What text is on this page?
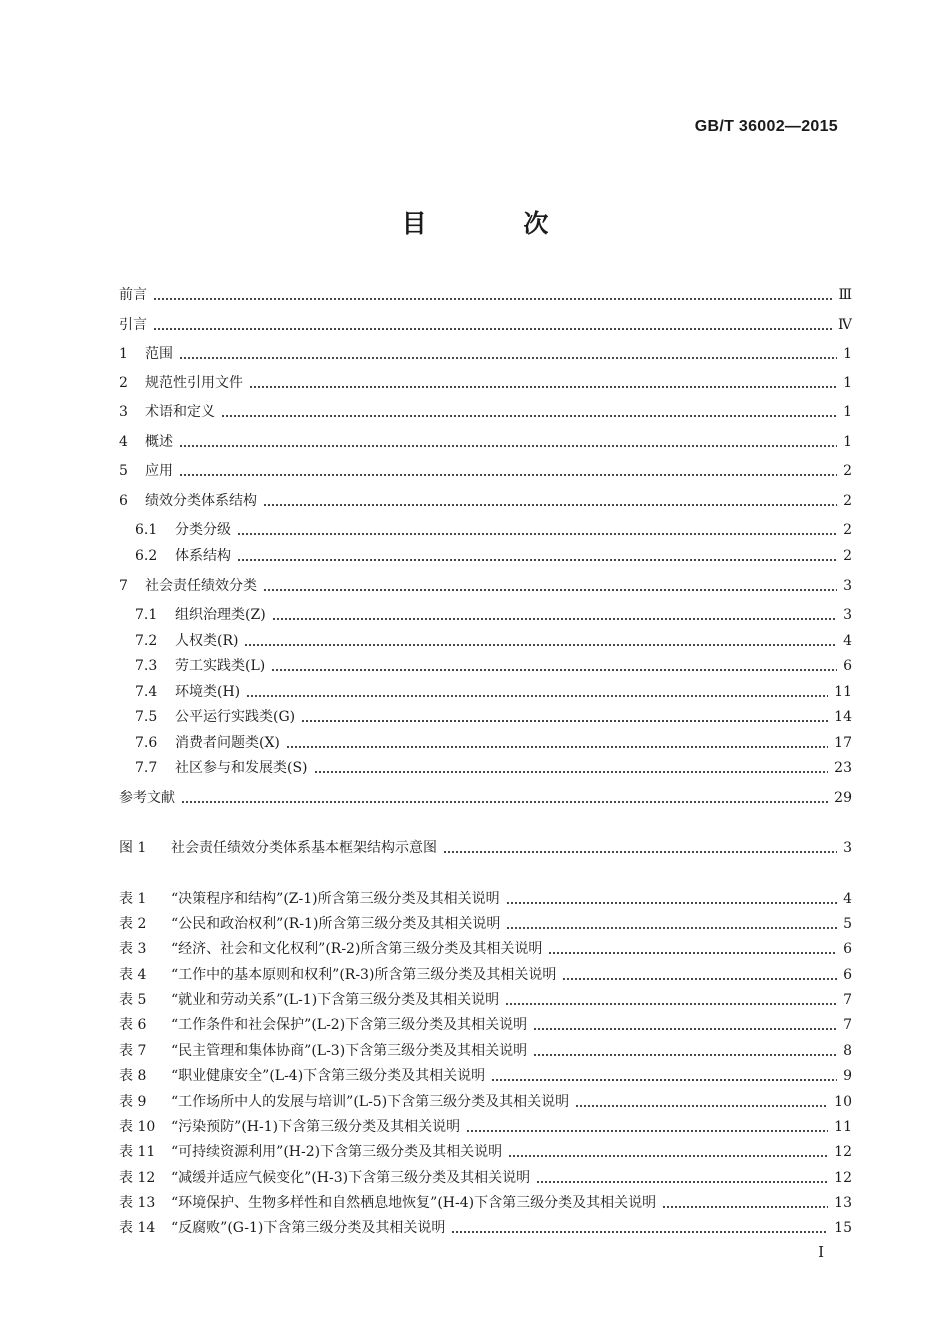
GB/T 36002—2015
目 次
前言	Ⅲ
引言	Ⅳ
1	范围	1
2	规范性引用文件	1
3	术语和定义	1
4	概述	1
5	应用	2
6	绩效分类体系结构	2
6.1	分类分级	2
6.2	体系结构	2
7	社会责任绩效分类	3
7.1	组织治理类(Z)	3
7.2	人权类(R)	4
7.3	劳工实践类(L)	6
7.4	环境类(H)	11
7.5	公平运行实践类(G)	14
7.6	消费者问题类(X)	17
7.7	社区参与和发展类(S)	23
参考文献	29
图 1	社会责任绩效分类体系基本框架结构示意图	3
表 1	“决策程序和结构”(Z-1)所含第三级分类及其相关说明	4
表 2	“公民和政治权利”(R-1)所含第三级分类及其相关说明	5
表 3	“经济、社会和文化权利”(R-2)所含第三级分类及其相关说明	6
表 4	“工作中的基本原则和权利”(R-3)所含第三级分类及其相关说明	6
表 5	“就业和劳动关系”(L-1)下含第三级分类及其相关说明	7
表 6	“工作条件和社会保护”(L-2)下含第三级分类及其相关说明	7
表 7	“民主管理和集体协商”(L-3)下含第三级分类及其相关说明	8
表 8	“职业健康安全”(L-4)下含第三级分类及其相关说明	9
表 9	“工作场所中人的发展与培训”(L-5)下含第三级分类及其相关说明	10
表 10	“污染预防”(H-1)下含第三级分类及其相关说明	11
表 11	“可持续资源利用”(H-2)下含第三级分类及其相关说明	12
表 12	“减缓并适应气候变化”(H-3)下含第三级分类及其相关说明	12
表 13	“环境保护、生物多样性和自然栖息地恢复”(H-4)下含第三级分类及其相关说明	13
表 14	“反腐败”(G-1)下含第三级分类及其相关说明	15
I
